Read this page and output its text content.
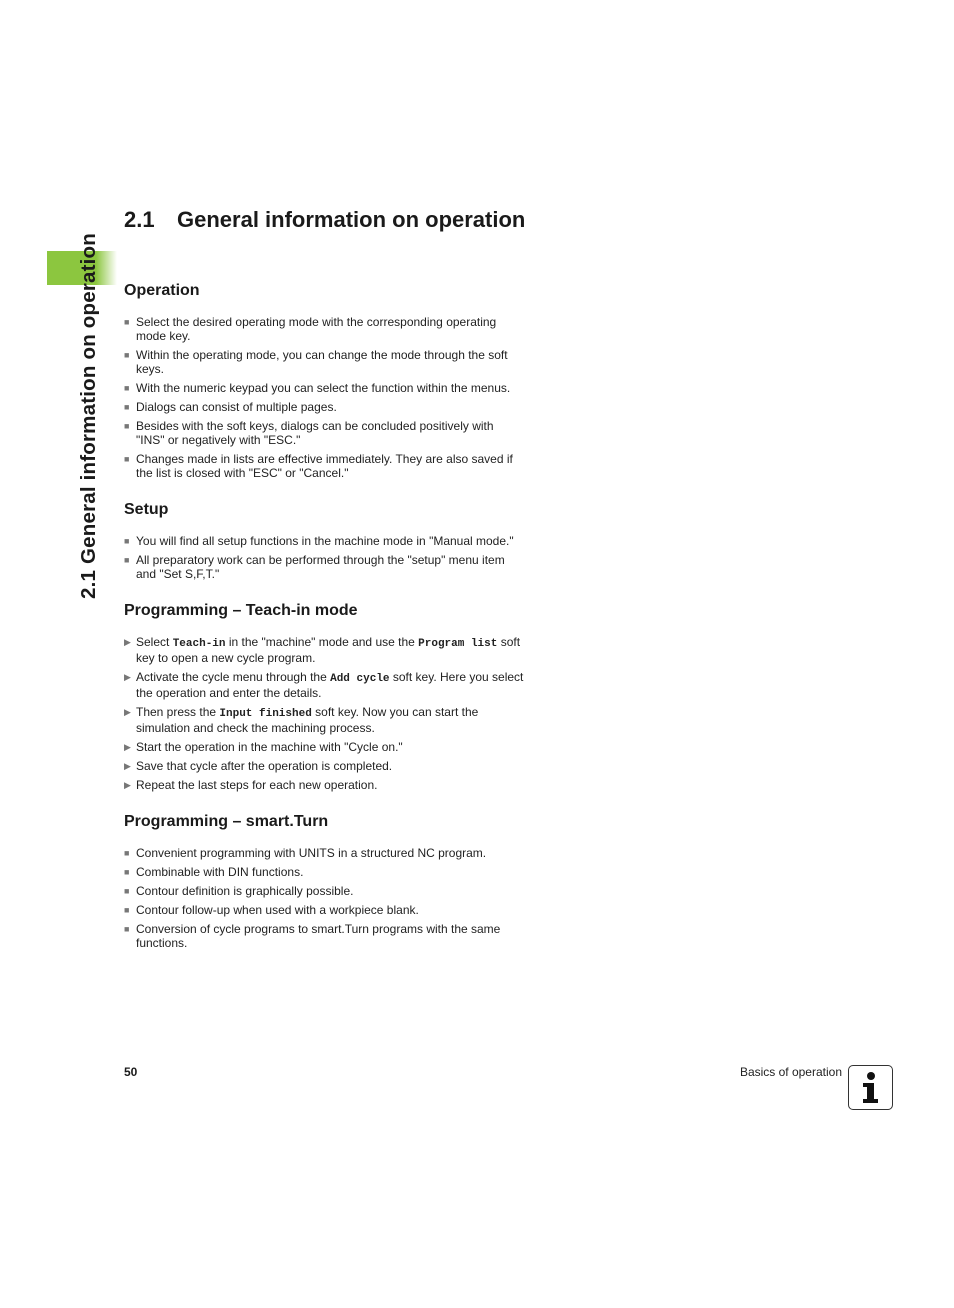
2.1 General information on operation
2.1 General information on operation
Operation
■ Select the desired operating mode with the corresponding operating mode key.
■ Within the operating mode, you can change the mode through the soft keys.
■ With the numeric keypad you can select the function within the menus.
■ Dialogs can consist of multiple pages.
■ Besides with the soft keys, dialogs can be concluded positively with "INS" or negatively with "ESC."
■ Changes made in lists are effective immediately. They are also saved if the list is closed with "ESC" or "Cancel."
Setup
■ You will find all setup functions in the machine mode in "Manual mode."
■ All preparatory work can be performed through the "setup" menu item and "Set S,F,T."
Programming – Teach-in mode
▶ Select Teach-in in the "machine" mode and use the Program list soft key to open a new cycle program.
▶ Activate the cycle menu through the Add cycle soft key. Here you select the operation and enter the details.
▶ Then press the Input finished soft key. Now you can start the simulation and check the machining process.
▶ Start the operation in the machine with "Cycle on."
▶ Save that cycle after the operation is completed.
▶ Repeat the last steps for each new operation.
Programming – smart.Turn
■ Convenient programming with UNITS in a structured NC program.
■ Combinable with DIN functions.
■ Contour definition is graphically possible.
■ Contour follow-up when used with a workpiece blank.
■ Conversion of cycle programs to smart.Turn programs with the same functions.
50	Basics of operation
